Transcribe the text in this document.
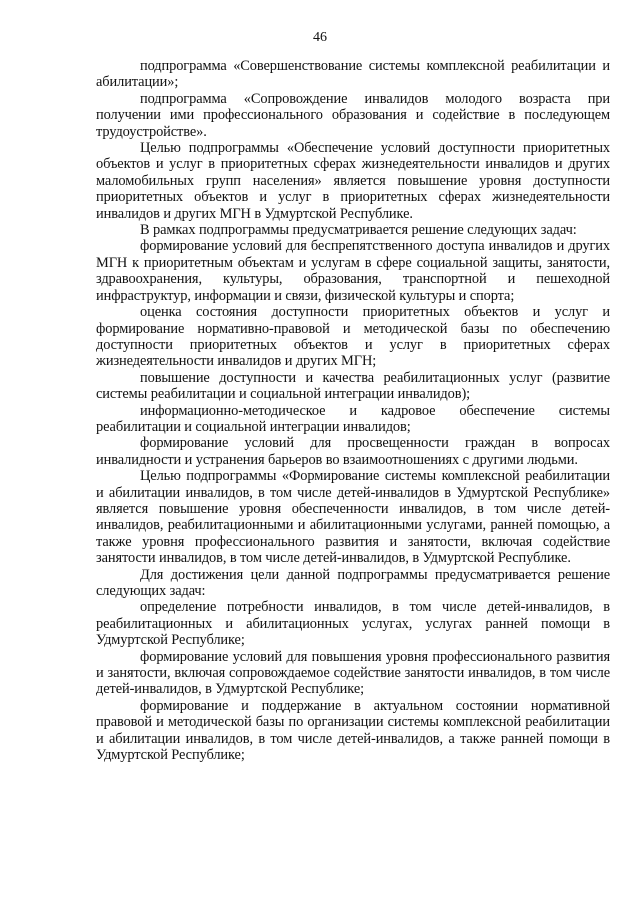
46

подпрограмма «Совершенствование системы комплексной реабилитации и абилитации»;

подпрограмма «Сопровождение инвалидов молодого возраста при получении ими профессионального образования и содействие в последующем трудоустройстве».

Целью подпрограммы «Обеспечение условий доступности приоритетных объектов и услуг в приоритетных сферах жизнедеятельности инвалидов и других маломобильных групп населения» является повышение уровня доступности приоритетных объектов и услуг в приоритетных сферах жизнедеятельности инвалидов и других МГН в Удмуртской Республике.

В рамках подпрограммы предусматривается решение следующих задач:

формирование условий для беспрепятственного доступа инвалидов и других МГН к приоритетным объектам и услугам в сфере социальной защиты, занятости, здравоохранения, культуры, образования, транспортной и пешеходной инфраструктур, информации и связи, физической культуры и спорта;

оценка состояния доступности приоритетных объектов и услуг и формирование нормативно-правовой и методической базы по обеспечению доступности приоритетных объектов и услуг в приоритетных сферах жизнедеятельности инвалидов и других МГН;

повышение доступности и качества реабилитационных услуг (развитие системы реабилитации и социальной интеграции инвалидов);

информационно-методическое и кадровое обеспечение системы реабилитации и социальной интеграции инвалидов;

формирование условий для просвещенности граждан в вопросах инвалидности и устранения барьеров во взаимоотношениях с другими людьми.

Целью подпрограммы «Формирование системы комплексной реабилитации и абилитации инвалидов, в том числе детей-инвалидов в Удмуртской Республике» является повышение уровня обеспеченности инвалидов, в том числе детей-инвалидов, реабилитационными и абилитационными услугами, ранней помощью, а также уровня профессионального развития и занятости, включая содействие занятости инвалидов, в том числе детей-инвалидов, в Удмуртской Республике.

Для достижения цели данной подпрограммы предусматривается решение следующих задач:

определение потребности инвалидов, в том числе детей-инвалидов, в реабилитационных и абилитационных услугах, услугах ранней помощи в Удмуртской Республике;

формирование условий для повышения уровня профессионального развития и занятости, включая сопровождаемое содействие занятости инвалидов, в том числе детей-инвалидов, в Удмуртской Республике;

формирование и поддержание в актуальном состоянии нормативной правовой и методической базы по организации системы комплексной реабилитации и абилитации инвалидов, в том числе детей-инвалидов, а также ранней помощи в Удмуртской Республике;
